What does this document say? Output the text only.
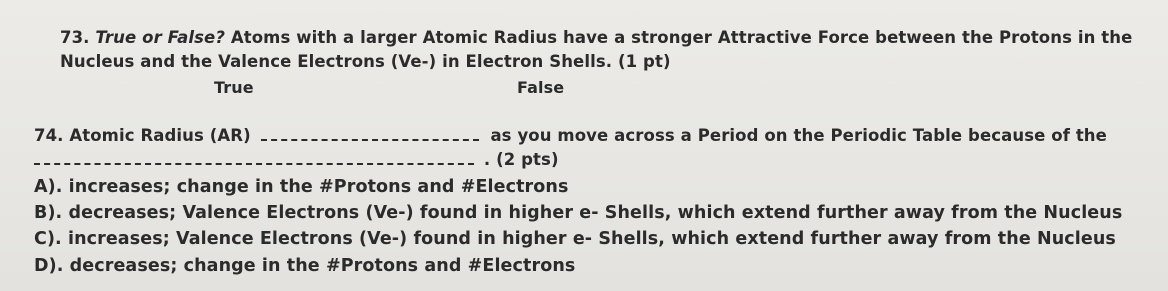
73. True or False? Atoms with a larger Atomic Radius have a stronger Attractive Force between the Protons in the
Nucleus and the Valence Electrons (Ve-) in Electron Shells. (1 pt)
True	False
74. Atomic Radius (AR)	as you move across a Period on the Periodic Table because of the
. (2 pts)
A). increases; change in the #Protons and #Electrons
B). decreases; Valence Electrons (Ve-) found in higher e- Shells, which extend further away from the Nucleus
C). increases; Valence Electrons (Ve-) found in higher e- Shells, which extend further away from the Nucleus
D). decreases; change in the #Protons and #Electrons
